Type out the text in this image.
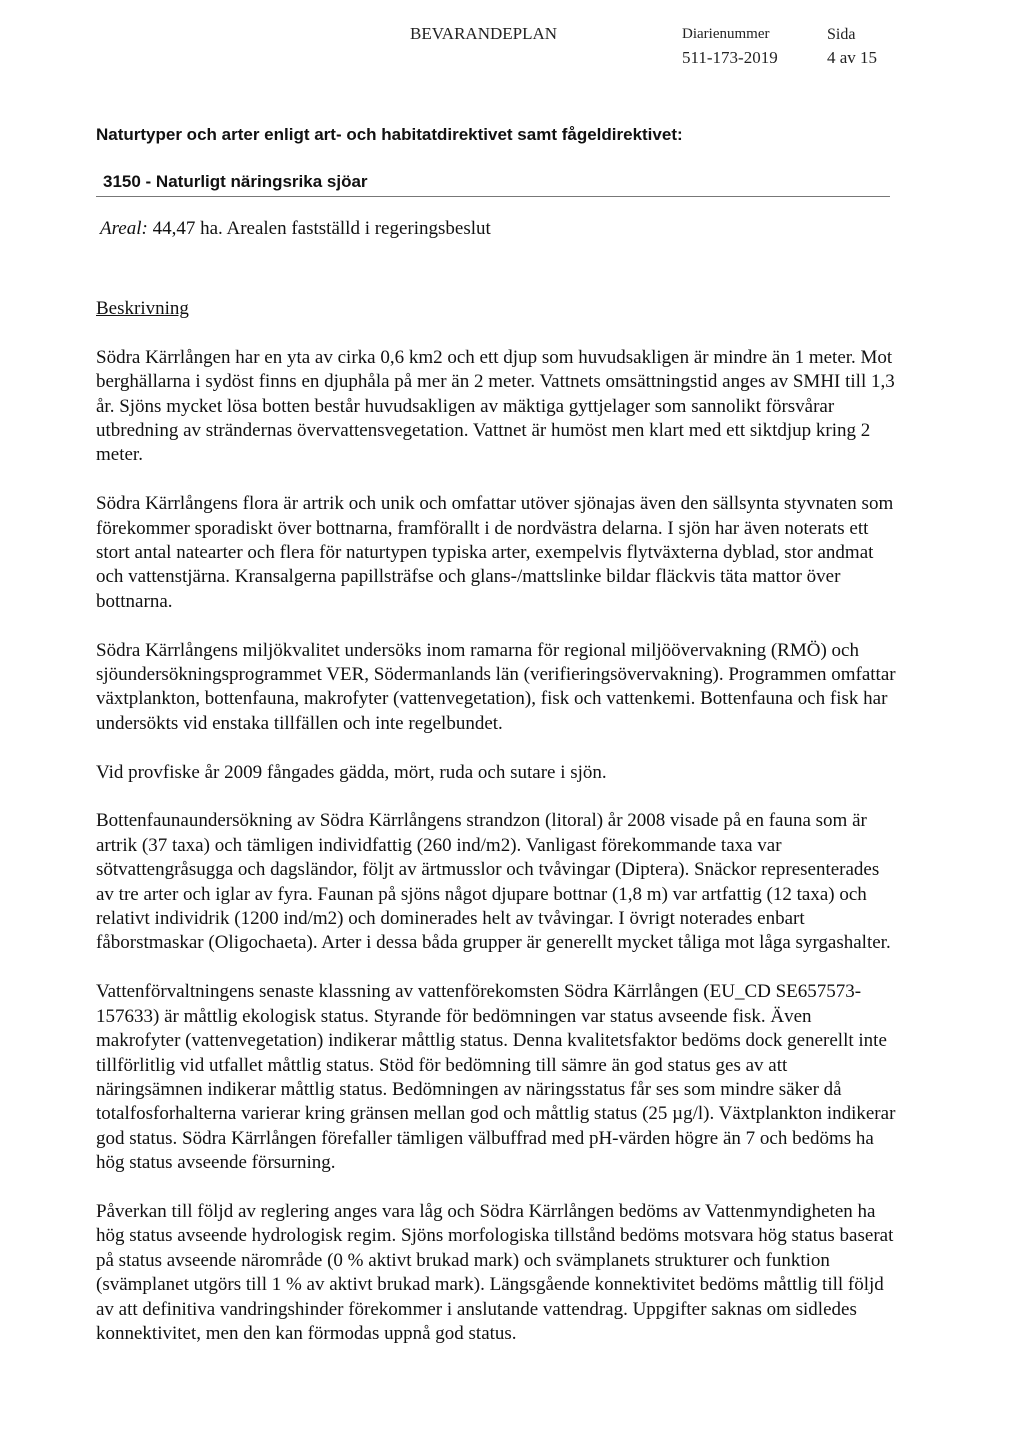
BEVARANDEPLAN	Diarienummer
511-173-2019
Sida
4 av 15
Naturtyper och arter enligt art- och habitatdirektivet samt fågeldirektivet:
3150 - Naturligt näringsrika sjöar
Areal: 44,47 ha. Arealen fastställd i regeringsbeslut

Beskrivning

Södra Kärrlången har en yta av cirka 0,6 km2 och ett djup som huvudsakligen är mindre än 1 meter. Mot berghällarna i sydöst finns en djuphåla på mer än 2 meter. Vattnets omsättningstid anges av SMHI till 1,3 år. Sjöns mycket lösa botten består huvudsakligen av mäktiga gyttjelager som sannolikt försvårar utbredning av strändernas övervattensvegetation. Vattnet är humöst men klart med ett siktdjup kring 2 meter.

Södra Kärrlångens flora är artrik och unik och omfattar utöver sjönajas även den sällsynta styvnaten som förekommer sporadiskt över bottnarna, framförallt i de nordvästra delarna. I sjön har även noterats ett stort antal natearter och flera för naturtypen typiska arter, exempelvis flytväxterna dyblad, stor andmat och vattenstjärna. Kransalgerna papillsträfse och glans-/mattslinke bildar fläckvis täta mattor över bottnarna.

Södra Kärrlångens miljökvalitet undersöks inom ramarna för regional miljöövervakning (RMÖ) och sjöundersökningsprogrammet VER, Södermanlands län (verifieringsövervakning). Programmen omfattar växtplankton, bottenfauna, makrofyter (vattenvegetation), fisk och vattenkemi. Bottenfauna och fisk har undersökts vid enstaka tillfällen och inte regelbundet.

Vid provfiske år 2009 fångades gädda, mört, ruda och sutare i sjön.

Bottenfaunaundersökning av Södra Kärrlångens strandzon (litoral) år 2008 visade på en fauna som är artrik (37 taxa) och tämligen individfattig (260 ind/m2). Vanligast förekommande taxa var sötvattengråsugga och dagsländor, följt av ärtmusslor och tvåvingar (Diptera). Snäckor representerades av tre arter och iglar av fyra. Faunan på sjöns något djupare bottnar (1,8 m) var artfattig (12 taxa) och relativt individrik (1200 ind/m2) och dominerades helt av tvåvingar. I övrigt noterades enbart fåborstmaskar (Oligochaeta). Arter i dessa båda grupper är generellt mycket tåliga mot låga syrgashalter.

Vattenförvaltningens senaste klassning av vattenförekomsten Södra Kärrlången (EU_CD SE657573-157633) är måttlig ekologisk status. Styrande för bedömningen var status avseende fisk. Även makrofyter (vattenvegetation) indikerar måttlig status. Denna kvalitetsfaktor bedöms dock generellt inte tillförlitlig vid utfallet måttlig status. Stöd för bedömning till sämre än god status ges av att näringsämnen indikerar måttlig status. Bedömningen av näringsstatus får ses som mindre säker då totalfosforhalterna varierar kring gränsen mellan god och måttlig status (25 µg/l). Växtplankton indikerar god status. Södra Kärrlången förefaller tämligen välbuffrad med pH-värden högre än 7 och bedöms ha hög status avseende försurning.

Påverkan till följd av reglering anges vara låg och Södra Kärrlången bedöms av Vattenmyndigheten ha hög status avseende hydrologisk regim. Sjöns morfologiska tillstånd bedöms motsvara hög status baserat på status avseende närområde (0 % aktivt brukad mark) och svämplanets strukturer och funktion (svämplanet utgörs till 1 % av aktivt brukad mark). Längsgående konnektivitet bedöms måttlig till följd av att definitiva vandringshinder förekommer i anslutande vattendrag. Uppgifter saknas om sidledes konnektivitet, men den kan förmodas uppnå god status.
